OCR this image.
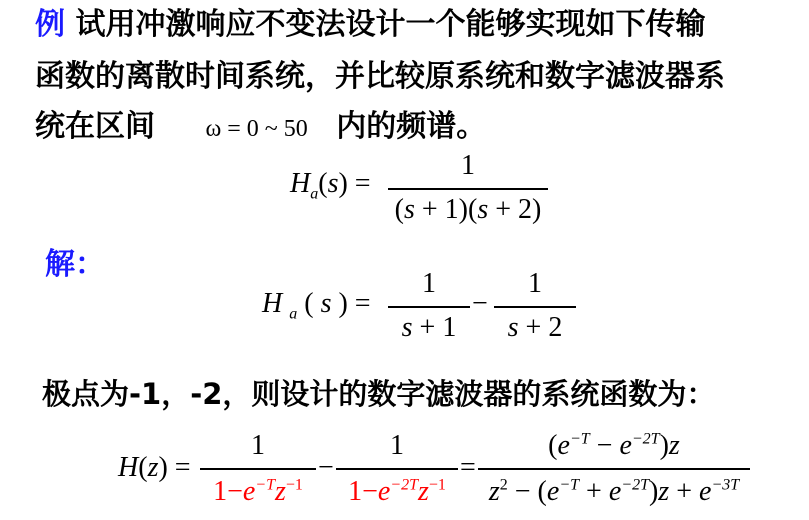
例 试用冲激响应不变法设计一个能够实现如下传输
函数的离散时间系统，并比较原系统和数字滤波器系
统在区间 ω = 0 ~ 50 内的频谱。
$H_a(s)$ =
1
(s + 1)(s + 2)
解：
H $_a$ ( s ) =
1
s + 1
−
1
s + 2
极点为-1，-2，则设计的数字滤波器的系统函数为：
H(z) =
1
$1-e^{-T}z^{-1}$
−
1
$1-e^{-2T}z^{-1}$
=
$(e^{-T} - e^{-2T})z$
$z^2 - (e^{-T} + e^{-2T})z + e^{-3T}$
